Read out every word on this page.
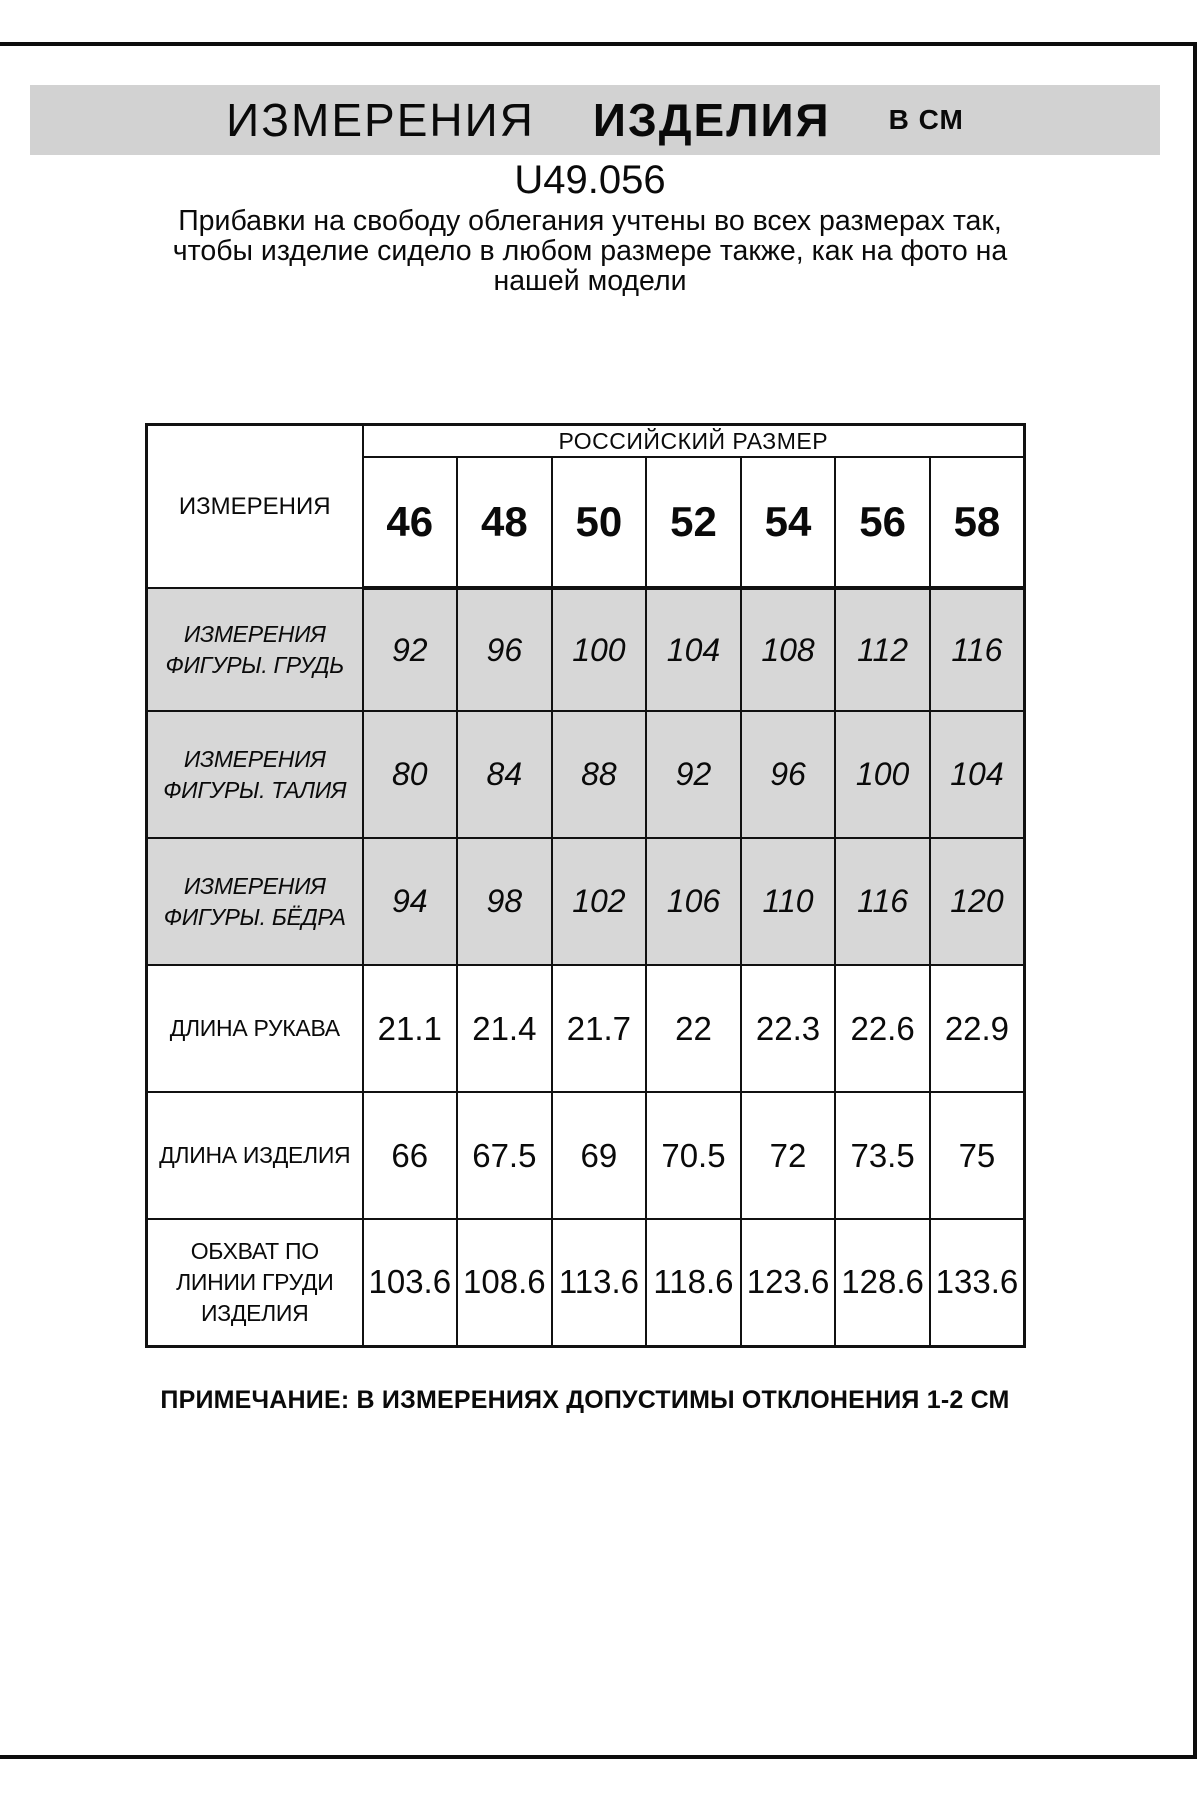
ИЗМЕРЕНИЯ ИЗДЕЛИЯ В СМ
U49.056
Прибавки на свободу облегания учтены во всех размерах так,
чтобы изделие сидело в любом размере также, как на фото на
нашей модели
ИЗМЕРЕНИЯ	РОССИЙСКИЙ РАЗМЕР						
	46	48	50	52	54	56	58
ИЗМЕРЕНИЯ ФИГУРЫ. ГРУДЬ	92	96	100	104	108	112	116
ИЗМЕРЕНИЯ ФИГУРЫ. ТАЛИЯ	80	84	88	92	96	100	104
ИЗМЕРЕНИЯ ФИГУРЫ. БЁДРА	94	98	102	106	110	116	120
ДЛИНА РУКАВА	21.1	21.4	21.7	22	22.3	22.6	22.9
ДЛИНА ИЗДЕЛИЯ	66	67.5	69	70.5	72	73.5	75
ОБХВАТ ПО ЛИНИИ ГРУДИ ИЗДЕЛИЯ	103.6	108.6	113.6	118.6	123.6	128.6	133.6
ПРИМЕЧАНИЕ: В ИЗМЕРЕНИЯХ ДОПУСТИМЫ ОТКЛОНЕНИЯ 1-2 СМ
